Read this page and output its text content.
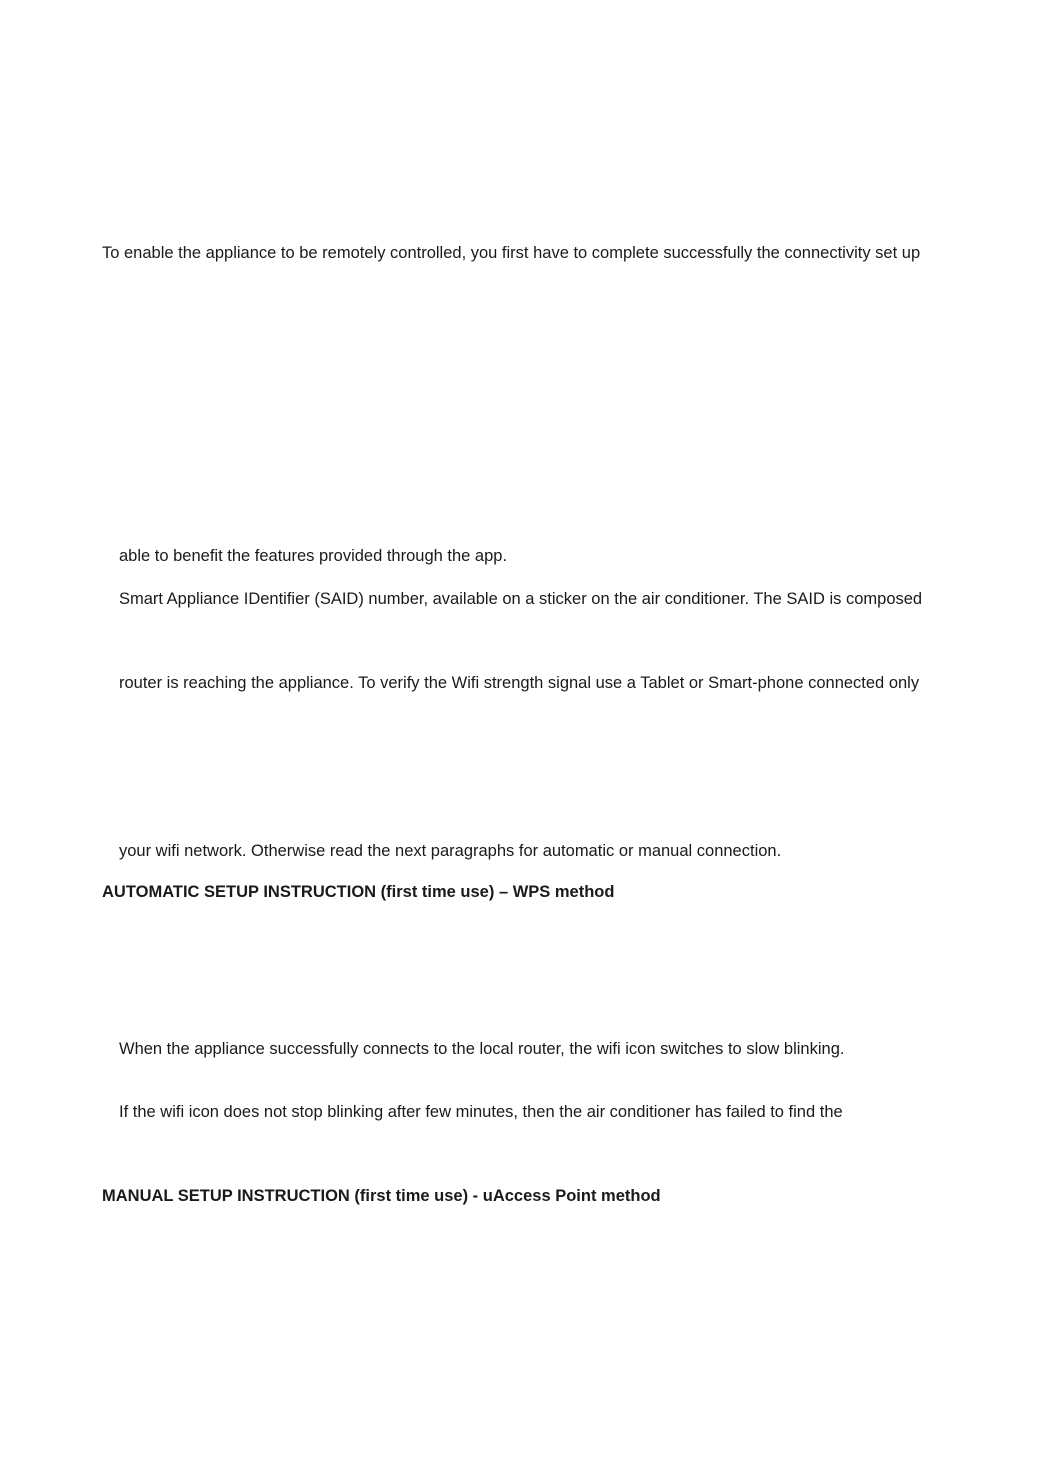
To enable the appliance to be remotely controlled, you first have to complete successfully the connectivity set up
able to benefit the features provided through the app.
Smart Appliance IDentifier (SAID) number, available on a sticker on the air conditioner. The SAID is composed
router is reaching the appliance. To verify the Wifi strength signal use a Tablet or Smart-phone connected only
your wifi network. Otherwise read the next paragraphs for automatic or manual connection.
AUTOMATIC SETUP INSTRUCTION (first time use) – WPS method
When the appliance successfully connects to the local router, the wifi icon switches to slow blinking.
If the wifi icon does not stop blinking after few minutes, then the air conditioner has failed to find the
MANUAL SETUP INSTRUCTION (first time use) - uAccess Point method
